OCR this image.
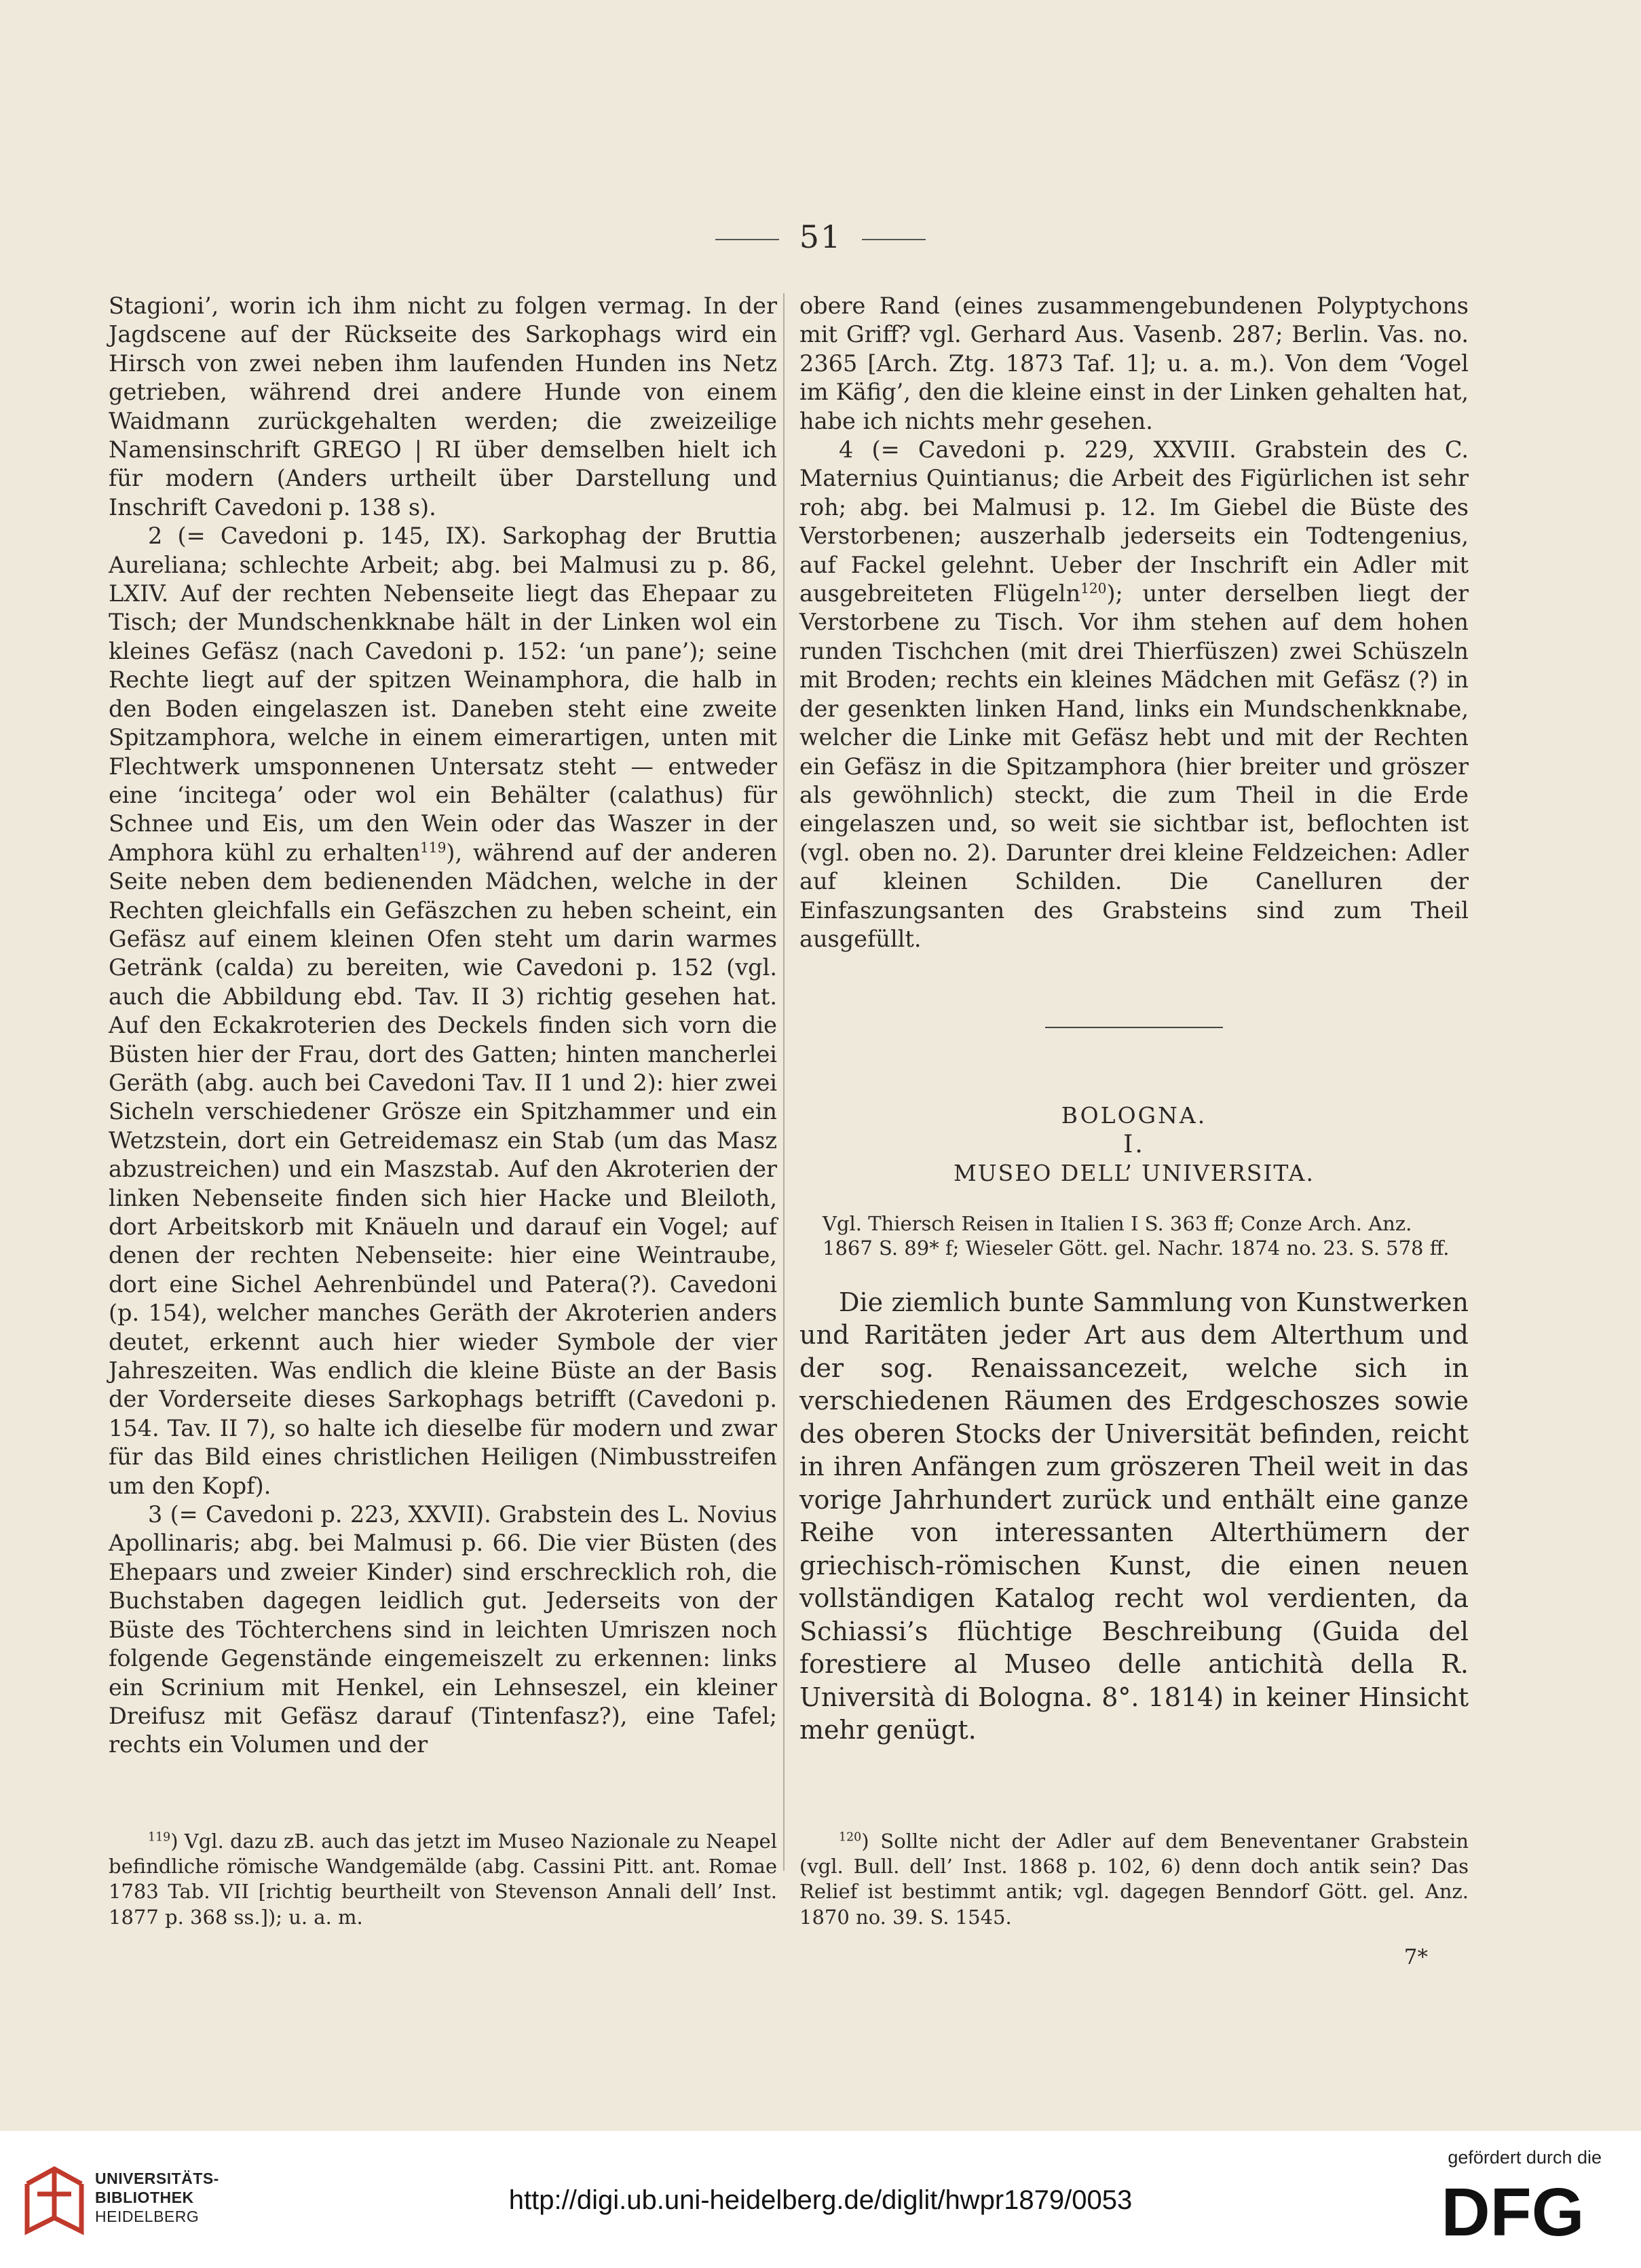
51

Stagioni’, worin ich ihm nicht zu folgen vermag. In der Jagdscene auf der Rückseite des Sarkophags wird ein Hirsch von zwei neben ihm laufenden Hunden ins Netz getrieben, während drei andere Hunde von einem Waidmann zurückgehalten werden; die zweizeilige Namensinschrift GREGO | RI über demselben hielt ich für modern (Anders urtheilt über Darstellung und Inschrift Cavedoni p. 138 s).

2 (= Cavedoni p. 145, IX). Sarkophag der Bruttia Aureliana; schlechte Arbeit; abg. bei Malmusi zu p. 86, LXIV. Auf der rechten Nebenseite liegt das Ehepaar zu Tisch; der Mundschenkknabe hält in der Linken wol ein kleines Gefäsz (nach Cavedoni p. 152: ‘un pane’); seine Rechte liegt auf der spitzen Weinamphora, die halb in den Boden eingelaszen ist. Daneben steht eine zweite Spitzamphora, welche in einem eimerartigen, unten mit Flechtwerk umsponnenen Untersatz steht — entweder eine ‘incitega’ oder wol ein Behälter (calathus) für Schnee und Eis, um den Wein oder das Waszer in der Amphora kühl zu erhalten$^{119}$), während auf der anderen Seite neben dem bedienenden Mädchen, welche in der Rechten gleichfalls ein Gefäszchen zu heben scheint, ein Gefäsz auf einem kleinen Ofen steht um darin warmes Getränk (calda) zu bereiten, wie Cavedoni p. 152 (vgl. auch die Abbildung ebd. Tav. II 3) richtig gesehen hat. Auf den Eckakroterien des Deckels finden sich vorn die Büsten hier der Frau, dort des Gatten; hinten mancherlei Geräth (abg. auch bei Cavedoni Tav. II 1 und 2): hier zwei Sicheln verschiedener Grösze ein Spitzhammer und ein Wetzstein, dort ein Getreidemasz ein Stab (um das Masz abzustreichen) und ein Maszstab. Auf den Akroterien der linken Nebenseite finden sich hier Hacke und Bleiloth, dort Arbeitskorb mit Knäueln und darauf ein Vogel; auf denen der rechten Nebenseite: hier eine Weintraube, dort eine Sichel Aehrenbündel und Patera(?). Cavedoni (p. 154), welcher manches Geräth der Akroterien anders deutet, erkennt auch hier wieder Symbole der vier Jahreszeiten. Was endlich die kleine Büste an der Basis der Vorderseite dieses Sarkophags betrifft (Cavedoni p. 154. Tav. II 7), so halte ich dieselbe für modern und zwar für das Bild eines christlichen Heiligen (Nimbusstreifen um den Kopf).

3 (= Cavedoni p. 223, XXVII). Grabstein des L. Novius Apollinaris; abg. bei Malmusi p. 66. Die vier Büsten (des Ehepaars und zweier Kinder) sind erschrecklich roh, die Buchstaben dagegen leidlich gut. Jederseits von der Büste des Töchterchens sind in leichten Umriszen noch folgende Gegenstände eingemeiszelt zu erkennen: links ein Scrinium mit Henkel, ein Lehnseszel, ein kleiner Dreifusz mit Gefäsz darauf (Tintenfasz?), eine Tafel; rechts ein Volumen und der

obere Rand (eines zusammengebundenen Polyptychons mit Griff? vgl. Gerhard Aus. Vasenb. 287; Berlin. Vas. no. 2365 [Arch. Ztg. 1873 Taf. 1]; u. a. m.). Von dem ‘Vogel im Käfig’, den die kleine einst in der Linken gehalten hat, habe ich nichts mehr gesehen.

4 (= Cavedoni p. 229, XXVIII. Grabstein des C. Maternius Quintianus; die Arbeit des Figürlichen ist sehr roh; abg. bei Malmusi p. 12. Im Giebel die Büste des Verstorbenen; auszerhalb jederseits ein Todtengenius, auf Fackel gelehnt. Ueber der Inschrift ein Adler mit ausgebreiteten Flügeln$^{120}$); unter derselben liegt der Verstorbene zu Tisch. Vor ihm stehen auf dem hohen runden Tischchen (mit drei Thierfüszen) zwei Schüszeln mit Broden; rechts ein kleines Mädchen mit Gefäsz (?) in der gesenkten linken Hand, links ein Mundschenkknabe, welcher die Linke mit Gefäsz hebt und mit der Rechten ein Gefäsz in die Spitzamphora (hier breiter und gröszer als gewöhnlich) steckt, die zum Theil in die Erde eingelaszen und, so weit sie sichtbar ist, beflochten ist (vgl. oben no. 2). Darunter drei kleine Feldzeichen: Adler auf kleinen Schilden. Die Canelluren der Einfaszungsanten des Grabsteins sind zum Theil ausgefüllt.

BOLOGNA.

I.

MUSEO DELL’ UNIVERSITA.

Vgl. Thiersch Reisen in Italien I S. 363 ff; Conze Arch. Anz.

1867 S. 89* f; Wieseler Gött. gel. Nachr. 1874 no. 23. S. 578 ff.

Die ziemlich bunte Sammlung von Kunstwerken und Raritäten jeder Art aus dem Alterthum und der sog. Renaissancezeit, welche sich in verschiedenen Räumen des Erdgeschoszes sowie des oberen Stocks der Universität befinden, reicht in ihren Anfängen zum gröszeren Theil weit in das vorige Jahrhundert zurück und enthält eine ganze Reihe von interessanten Alterthümern der griechisch-römischen Kunst, die einen neuen vollständigen Katalog recht wol verdienten, da Schiassi’s flüchtige Beschreibung (Guida del forestiere al Museo delle antichità della R. Università di Bologna. 8°. 1814) in keiner Hinsicht mehr genügt.

$^{119}$) Vgl. dazu zB. auch das jetzt im Museo Nazionale zu Neapel befindliche römische Wandgemälde (abg. Cassini Pitt. ant. Romae 1783 Tab. VII [richtig beurtheilt von Stevenson Annali dell’ Inst. 1877 p. 368 ss.]); u. a. m.

$^{120}$) Sollte nicht der Adler auf dem Beneventaner Grabstein (vgl. Bull. dell’ Inst. 1868 p. 102, 6) denn doch antik sein? Das Relief ist bestimmt antik; vgl. dagegen Benndorf Gött. gel. Anz. 1870 no. 39. S. 1545.

7*

UNIVERSITÄTS-
BIBLIOTHEK
HEIDELBERG
http://digi.ub.uni-heidelberg.de/diglit/hwpr1879/0053
gefördert durch die
DFG
